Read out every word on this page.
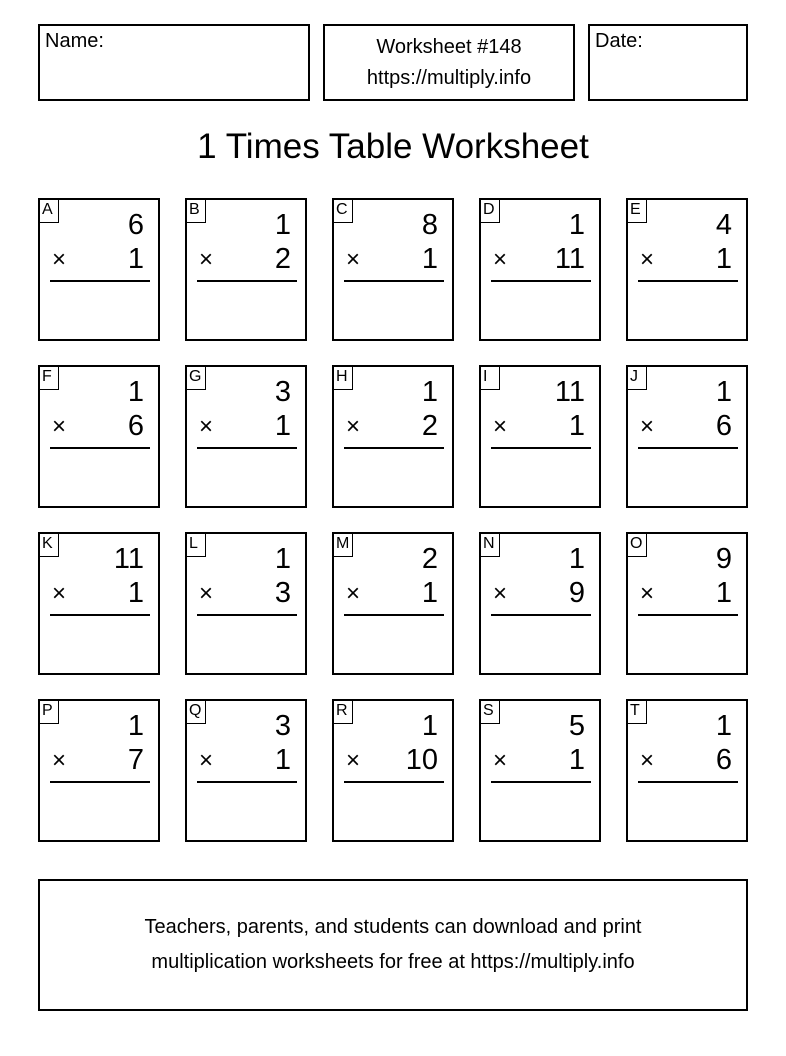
Name:	Worksheet #148
https://multiply.info
Date:
1 Times Table Worksheet
A	6
× 1
B	1
× 2
C	8
× 1
D	1
× 11
E	4
× 1
F	1
× 6
G	3
× 1
H	1
× 2
I	11
× 1
J	1
× 6
K 11
× 1
L	1
× 3
M	2
× 1
N	1
× 9
O	9
× 1
P	1
× 7
Q	3
× 1
R	1
× 10
S	5
× 1
T	1
× 6
Teachers, parents, and students can download and print
multiplication worksheets for free at https://multiply.info
